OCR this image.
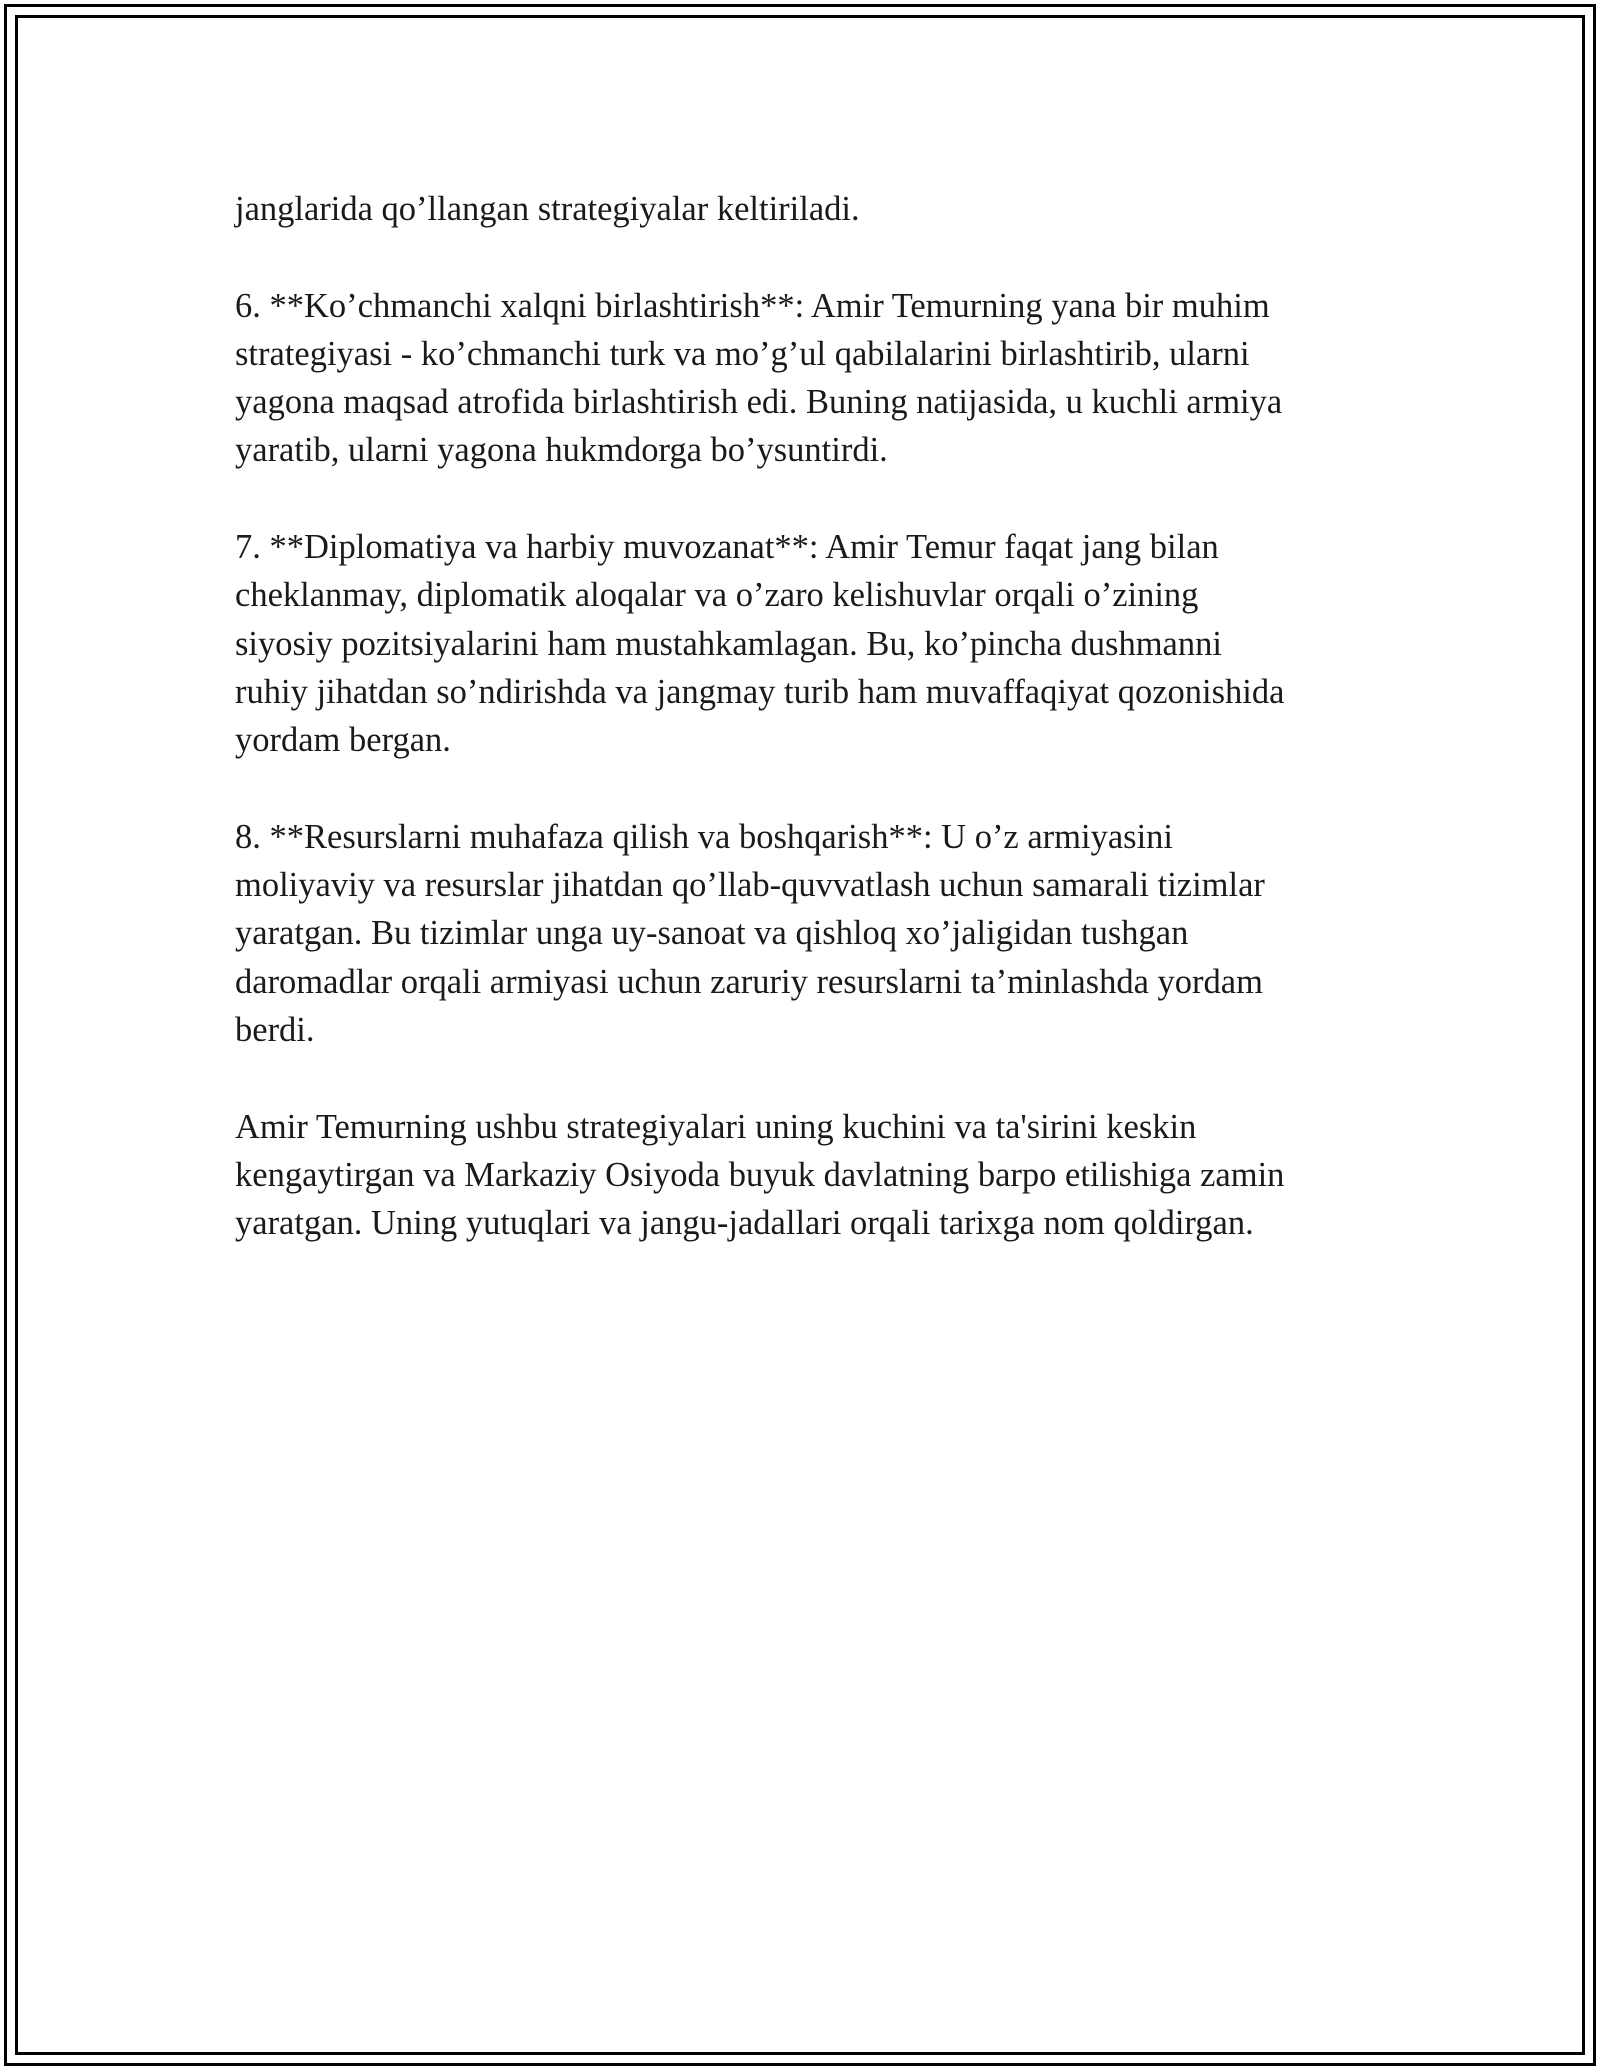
janglarida qo’llangan strategiyalar keltiriladi.

6. **Ko’chmanchi xalqni birlashtirish**: Amir Temurning yana bir muhim
strategiyasi - ko’chmanchi turk va mo’g’ul qabilalarini birlashtirib, ularni
yagona maqsad atrofida birlashtirish edi. Buning natijasida, u kuchli armiya
yaratib, ularni yagona hukmdorga bo’ysuntirdi.

7. **Diplomatiya va harbiy muvozanat**: Amir Temur faqat jang bilan
cheklanmay, diplomatik aloqalar va o’zaro kelishuvlar orqali o’zining
siyosiy pozitsiyalarini ham mustahkamlagan. Bu, ko’pincha dushmanni
ruhiy jihatdan so’ndirishda va jangmay turib ham muvaffaqiyat qozonishida
yordam bergan.

8. **Resurslarni muhafaza qilish va boshqarish**: U o’z armiyasini
moliyaviy va resurslar jihatdan qo’llab-quvvatlash uchun samarali tizimlar
yaratgan. Bu tizimlar unga uy-sanoat va qishloq xo’jaligidan tushgan
daromadlar orqali armiyasi uchun zaruriy resurslarni ta’minlashda yordam
berdi.

Amir Temurning ushbu strategiyalari uning kuchini va ta'sirini keskin
kengaytirgan va Markaziy Osiyoda buyuk davlatning barpo etilishiga zamin
yaratgan. Uning yutuqlari va jangu-jadallari orqali tarixga nom qoldirgan.
